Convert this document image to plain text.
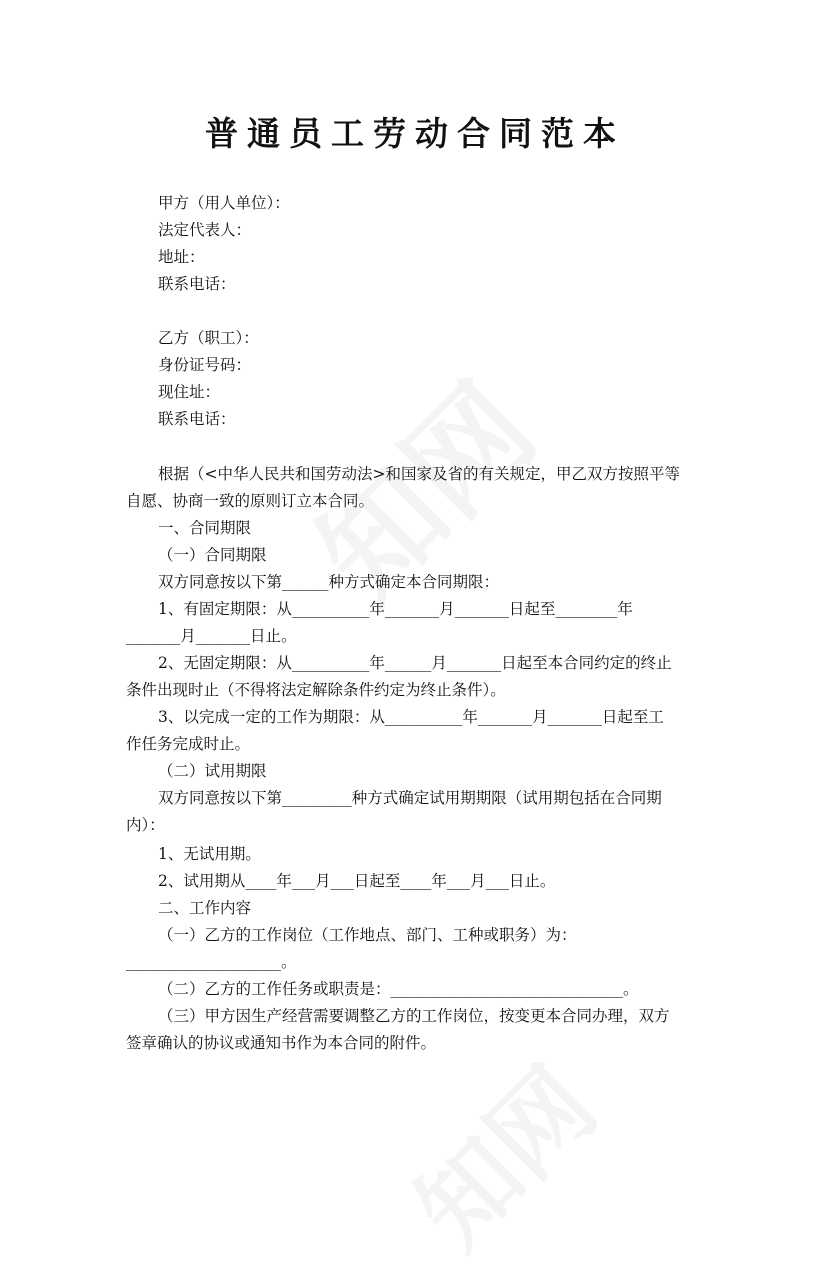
普通员工劳动合同范本
甲方（用人单位）：
法定代表人：
地址：
联系电话：
乙方（职工）：
身份证号码：
现住址：
联系电话：
根据（<中华人民共和国劳动法>和国家及省的有关规定，甲乙双方按照平等
自愿、协商一致的原则订立本合同。
一、合同期限
（一）合同期限
双方同意按以下第______种方式确定本合同期限：
1、有固定期限：从__________年_______月_______日起至________年
_______月_______日止。
2、无固定期限：从__________年______月_______日起至本合同约定的终止
条件出现时止（不得将法定解除条件约定为终止条件）。
3、以完成一定的工作为期限：从__________年_______月_______日起至工
作任务完成时止。
（二）试用期限
双方同意按以下第_________种方式确定试用期期限（试用期包括在合同期
内）：
1、无试用期。
2、试用期从____年___月___日起至____年___月___日止。
二、工作内容
（一）乙方的工作岗位（工作地点、部门、工种或职务）为：
____________________。
（二）乙方的工作任务或职责是：______________________________。
（三）甲方因生产经营需要调整乙方的工作岗位，按变更本合同办理，双方
签章确认的协议或通知书作为本合同的附件。
